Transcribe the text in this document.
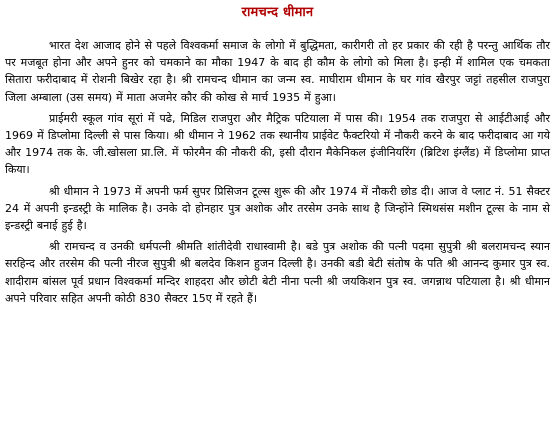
रामचन्द धीमान

भारत देश आजाद होने से पहले विश्वकर्मा समाज के लोगो में बुद्धिमता, कारीगरी तो हर प्रकार की रही है परन्तु आर्थिक तौर पर मजबूत होना और अपने हुनर को चमकाने का मौका 1947 के बाद ही कौम के लोगो को मिला है। इन्ही में शामिल एक चमकता सितारा फरीदाबाद में रोशनी बिखेर रहा है। श्री रामचन्द धीमान का जन्म स्व. माघीराम धीमान के घर गांव खैरपुर जट्टां तहसील राजपुरा जिला अम्बाला (उस समय) में माता अजमेर कौर की कोख से मार्च 1935 में हुआ।

प्राईमरी स्कूल गांव सूरां में पढे, मिडिल राजपुरा और मैट्रिक पटियाला में पास की। 1954 तक राजपुरा से आईटीआई और 1969 में डिप्लोमा दिल्ली से पास किया। श्री धीमान ने 1962 तक स्थानीय प्राईवेट फैक्टरियो में नौकरी करने के बाद फरीदाबाद आ गये और 1974 तक के. जी.खोसला प्रा.लि. में फोरमैन की नौकरी की, इसी दौरान मैकेनिकल इंजीनियरिंग (ब्रिटिश इंग्लैंड) में डिप्लोमा प्राप्त किया।

श्री धीमान ने 1973 में अपनी फर्म सुपर प्रिसिजन टूल्स शुरू की और 1974 में नौकरी छोड दी। आज वे प्लाट नं. 51 सैक्टर 24 में अपनी इन्डस्ट्री के मालिक है। उनके दो होनहार पुत्र अशोक और तरसेम उनके साथ है जिन्होंने स्मिथसंस मशीन टूल्स के नाम से इन्डस्ट्री बनाई हुई है।

श्री रामचन्द व उनकी धर्मपत्नी श्रीमति शांतीदेवी राधास्वामी है। बडे पुत्र अशोक की पत्नी पदमा सुपुत्री श्री बलरामचन्द स्यान सरहिन्द और तरसेम की पत्नी नीरज सुपुत्री श्री बलदेव किशन हुजन दिल्ली है। उनकी बडी बेटी संतोष के पति श्री आनन्द कुमार पुत्र स्व. शादीराम बांसल पूर्व प्रधान विश्वकर्मा मन्दिर शाहदरा और छोटी बेटी नीना पत्नी श्री जयकिशन पुत्र स्व. जगन्नाथ पटियाला है। श्री धीमान अपने परिवार सहित अपनी कोठी 830 सैक्टर 15ए में रहते हैं।
